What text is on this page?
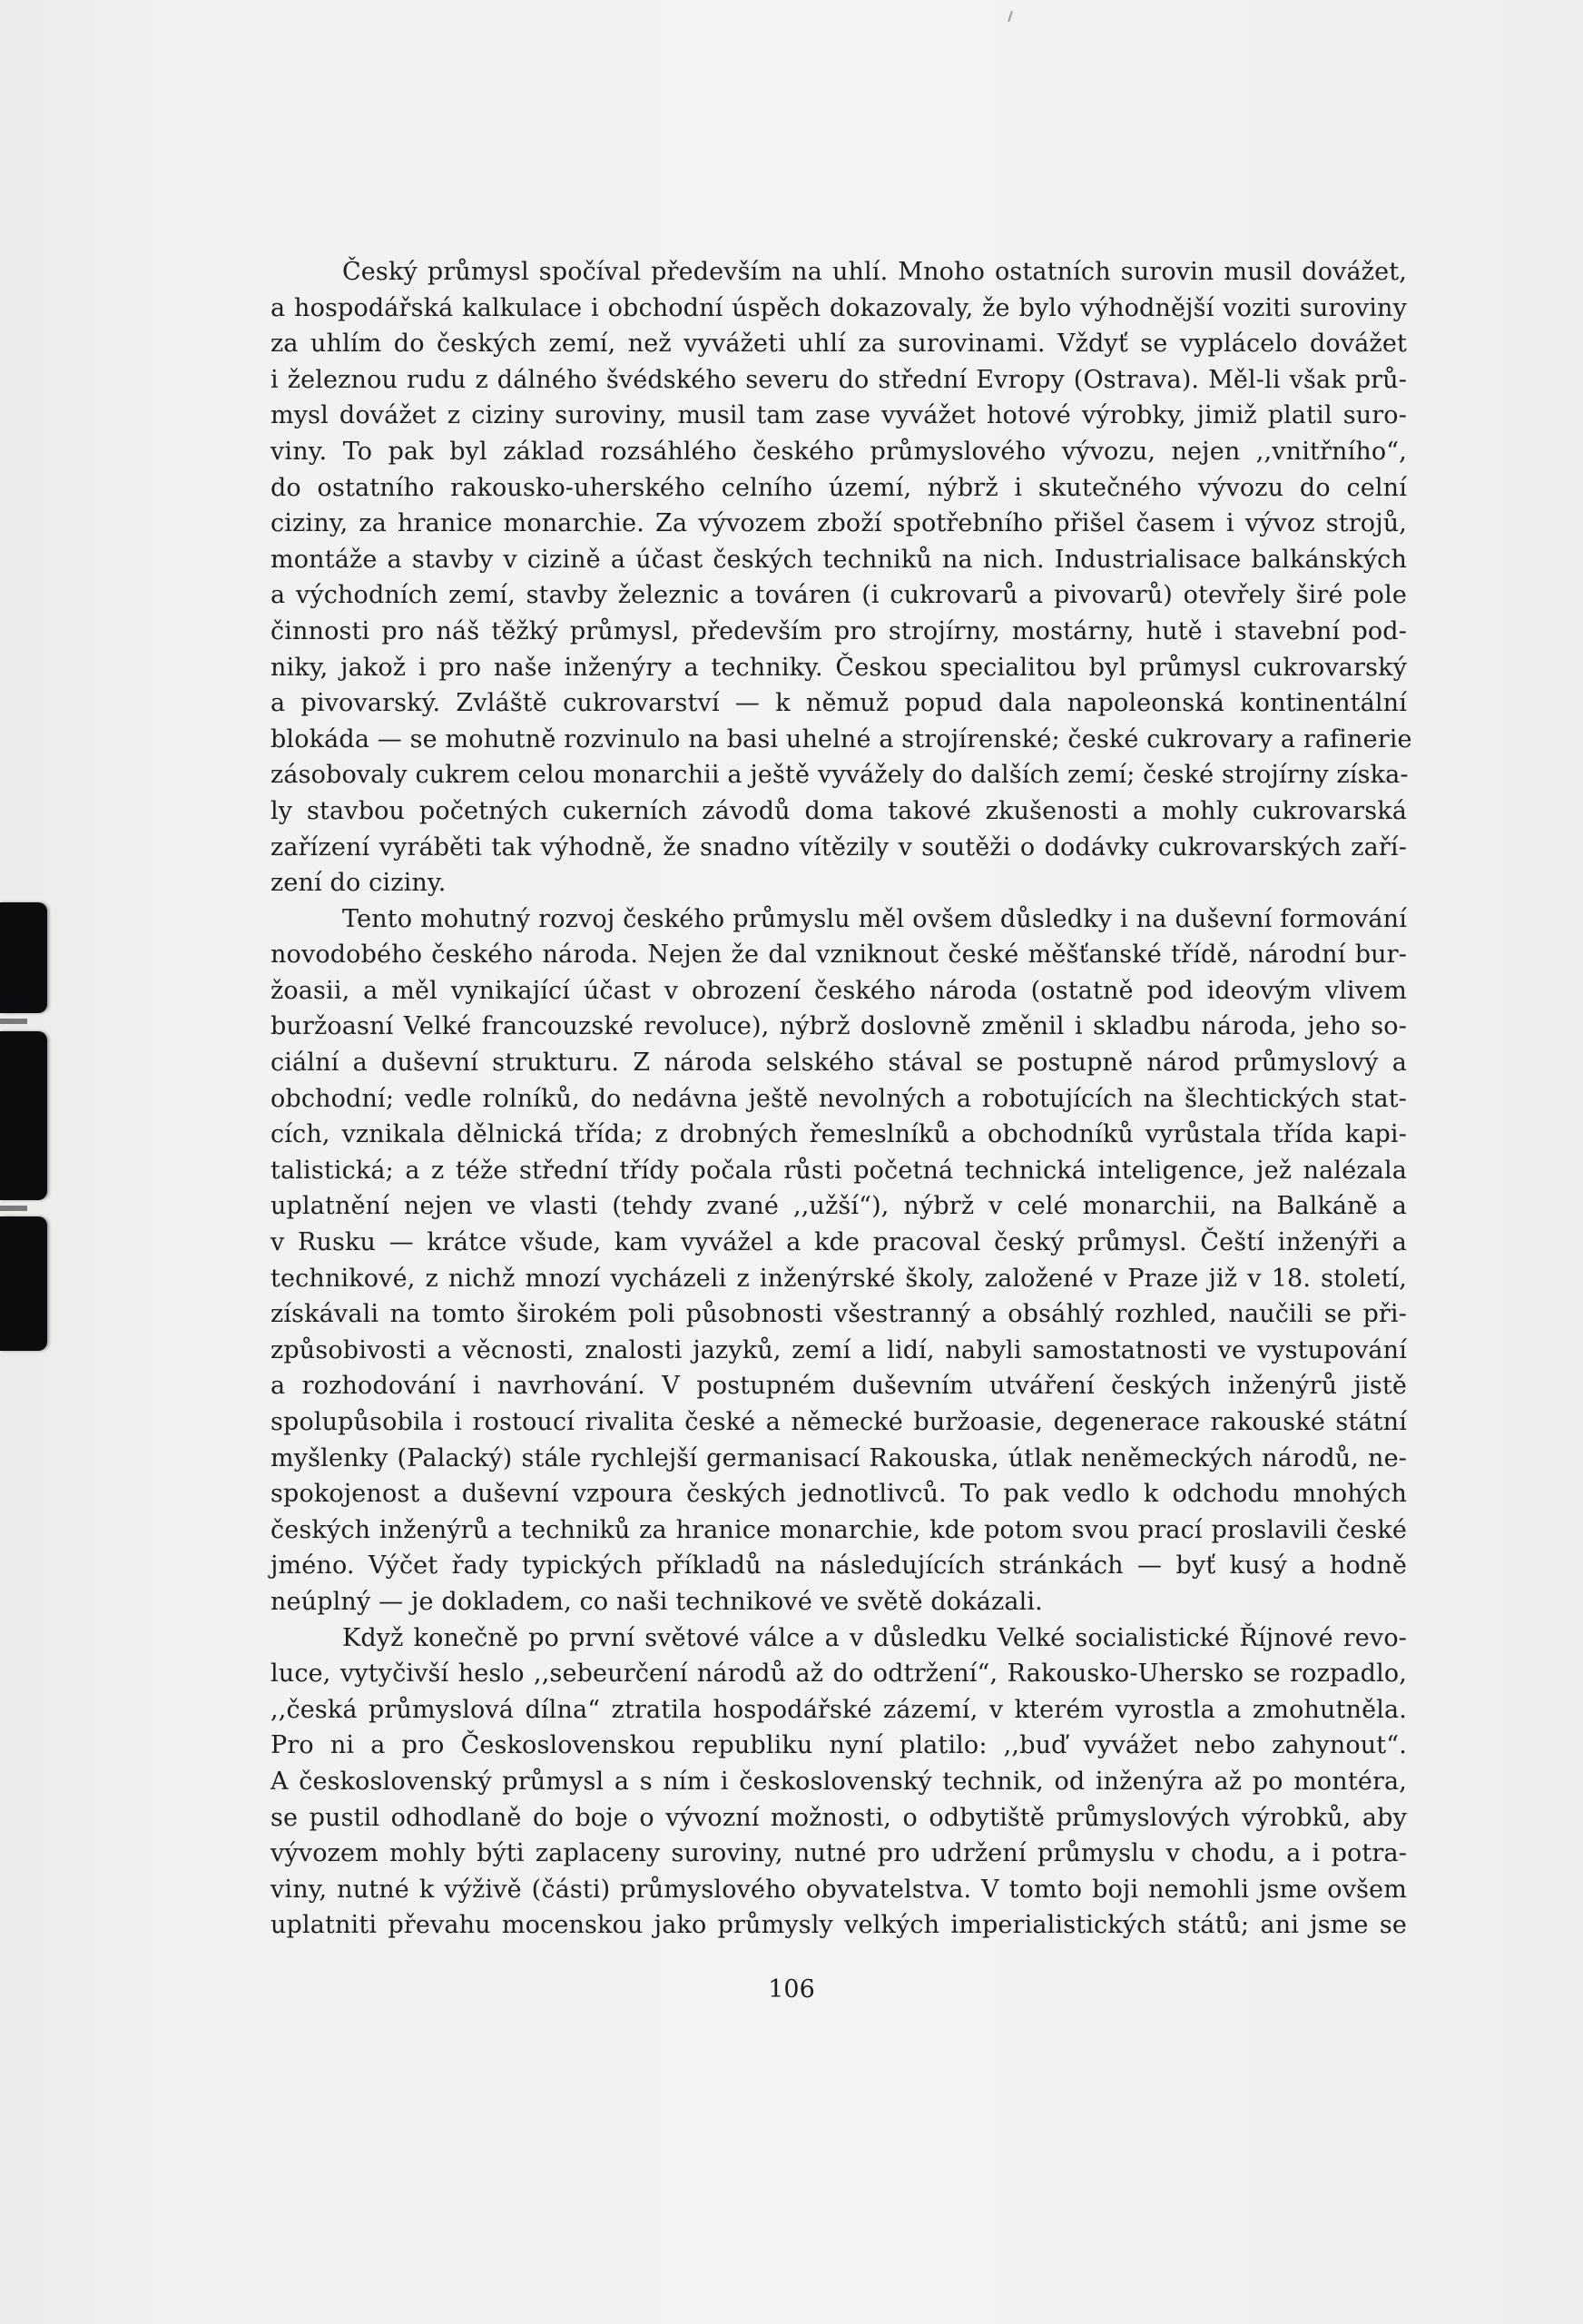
Český průmysl spočíval především na uhlí. Mnoho ostatních surovin musil dovážet,
a hospodářská kalkulace i obchodní úspěch dokazovaly, že bylo výhodnější voziti suroviny
za uhlím do českých zemí, než vyvážeti uhlí za surovinami. Vždyť se vyplácelo dovážet
i železnou rudu z dálného švédského severu do střední Evropy (Ostrava). Měl-li však prů-
mysl dovážet z ciziny suroviny, musil tam zase vyvážet hotové výrobky, jimiž platil suro-
viny. To pak byl základ rozsáhlého českého průmyslového vývozu, nejen ,,vnitřního“,
do ostatního rakousko-uherského celního území, nýbrž i skutečného vývozu do celní
ciziny, za hranice monarchie. Za vývozem zboží spotřebního přišel časem i vývoz strojů,
montáže a stavby v cizině a účast českých techniků na nich. Industrialisace balkánských
a východních zemí, stavby železnic a továren (i cukrovarů a pivovarů) otevřely širé pole
činnosti pro náš těžký průmysl, především pro strojírny, mostárny, hutě i stavební pod-
niky, jakož i pro naše inženýry a techniky. Českou specialitou byl průmysl cukrovarský
a pivovarský. Zvláště cukrovarství — k němuž popud dala napoleonská kontinentální
blokáda — se mohutně rozvinulo na basi uhelné a strojírenské; české cukrovary a rafinerie
zásobovaly cukrem celou monarchii a ještě vyvážely do dalších zemí; české strojírny získa-
ly stavbou početných cukerních závodů doma takové zkušenosti a mohly cukrovarská
zařízení vyráběti tak výhodně, že snadno vítězily v soutěži o dodávky cukrovarských zaří-
zení do ciziny.
Tento mohutný rozvoj českého průmyslu měl ovšem důsledky i na duševní formování
novodobého českého národa. Nejen že dal vzniknout české měšťanské třídě, národní bur-
žoasii, a měl vynikající účast v obrození českého národa (ostatně pod ideovým vlivem
buržoasní Velké francouzské revoluce), nýbrž doslovně změnil i skladbu národa, jeho so-
ciální a duševní strukturu. Z národa selského stával se postupně národ průmyslový a
obchodní; vedle rolníků, do nedávna ještě nevolných a robotujících na šlechtických stat-
cích, vznikala dělnická třída; z drobných řemeslníků a obchodníků vyrůstala třída kapi-
talistická; a z téže střední třídy počala růsti početná technická inteligence, jež nalézala
uplatnění nejen ve vlasti (tehdy zvané ,,užší“), nýbrž v celé monarchii, na Balkáně a
v Rusku — krátce všude, kam vyvážel a kde pracoval český průmysl. Čeští inženýři a
technikové, z nichž mnozí vycházeli z inženýrské školy, založené v Praze již v 18. století,
získávali na tomto širokém poli působnosti všestranný a obsáhlý rozhled, naučili se při-
způsobivosti a věcnosti, znalosti jazyků, zemí a lidí, nabyli samostatnosti ve vystupování
a rozhodování i navrhování. V postupném duševním utváření českých inženýrů jistě
spolupůsobila i rostoucí rivalita české a německé buržoasie, degenerace rakouské státní
myšlenky (Palacký) stále rychlejší germanisací Rakouska, útlak neněmeckých národů, ne-
spokojenost a duševní vzpoura českých jednotlivců. To pak vedlo k odchodu mnohých
českých inženýrů a techniků za hranice monarchie, kde potom svou prací proslavili české
jméno. Výčet řady typických příkladů na následujících stránkách — byť kusý a hodně
neúplný — je dokladem, co naši technikové ve světě dokázali.
Když konečně po první světové válce a v důsledku Velké socialistické Říjnové revo-
luce, vytyčivší heslo ,,sebeurčení národů až do odtržení“, Rakousko-Uhersko se rozpadlo,
,,česká průmyslová dílna“ ztratila hospodářské zázemí, v kterém vyrostla a zmohutněla.
Pro ni a pro Československou republiku nyní platilo: ,,buď vyvážet nebo zahynout“.
A československý průmysl a s ním i československý technik, od inženýra až po montéra,
se pustil odhodlaně do boje o vývozní možnosti, o odbytiště průmyslových výrobků, aby
vývozem mohly býti zaplaceny suroviny, nutné pro udržení průmyslu v chodu, a i potra-
viny, nutné k výživě (části) průmyslového obyvatelstva. V tomto boji nemohli jsme ovšem
uplatniti převahu mocenskou jako průmysly velkých imperialistických států; ani jsme se
106
